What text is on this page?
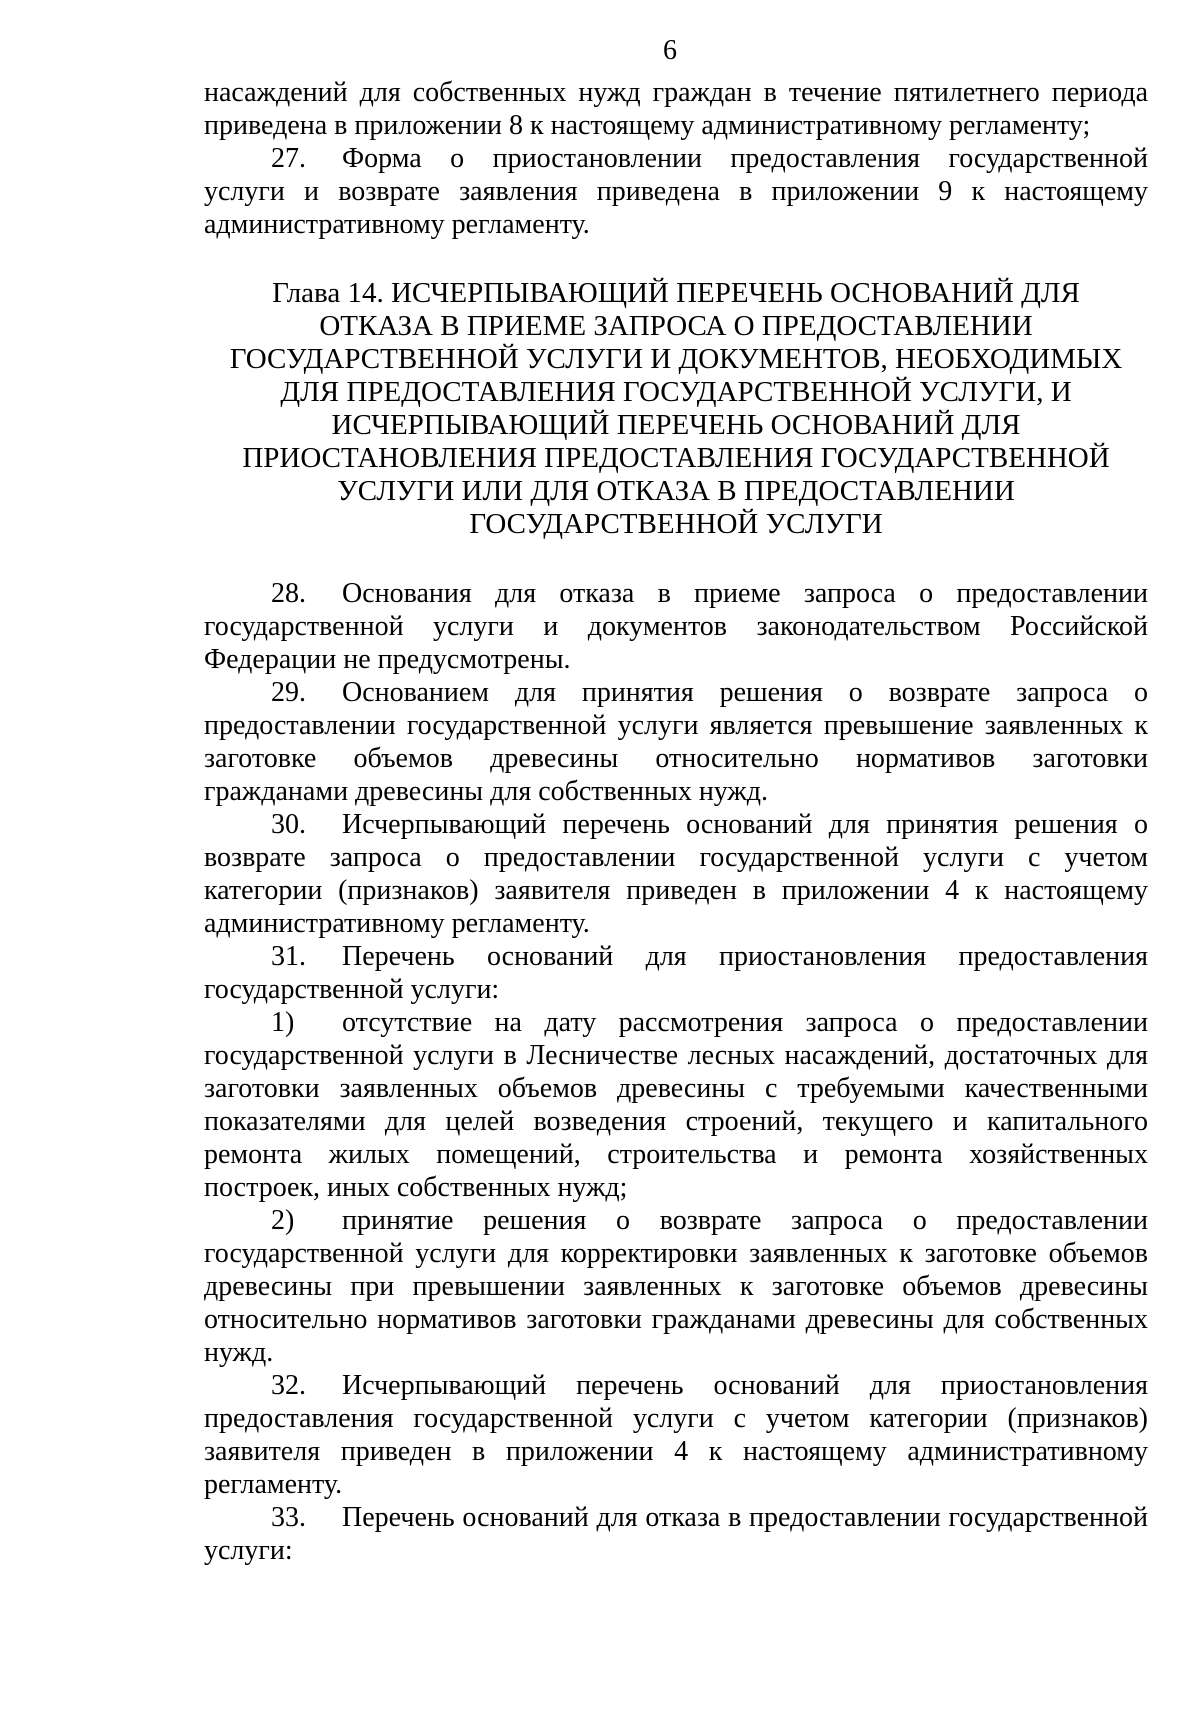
6

насаждений для собственных нужд граждан в течение пятилетнего периода приведена в приложении 8 к настоящему административному регламенту;

27. Форма о приостановлении предоставления государственной услуги и возврате заявления приведена в приложении 9 к настоящему административному регламенту.

Глава 14. ИСЧЕРПЫВАЮЩИЙ ПЕРЕЧЕНЬ ОСНОВАНИЙ ДЛЯ ОТКАЗА В ПРИЕМЕ ЗАПРОСА О ПРЕДОСТАВЛЕНИИ ГОСУДАРСТВЕННОЙ УСЛУГИ И ДОКУМЕНТОВ, НЕОБХОДИМЫХ ДЛЯ ПРЕДОСТАВЛЕНИЯ ГОСУДАРСТВЕННОЙ УСЛУГИ, И ИСЧЕРПЫВАЮЩИЙ ПЕРЕЧЕНЬ ОСНОВАНИЙ ДЛЯ ПРИОСТАНОВЛЕНИЯ ПРЕДОСТАВЛЕНИЯ ГОСУДАРСТВЕННОЙ УСЛУГИ ИЛИ ДЛЯ ОТКАЗА В ПРЕДОСТАВЛЕНИИ ГОСУДАРСТВЕННОЙ УСЛУГИ

28. Основания для отказа в приеме запроса о предоставлении государственной услуги и документов законодательством Российской Федерации не предусмотрены.

29. Основанием для принятия решения о возврате запроса о предоставлении государственной услуги является превышение заявленных к заготовке объемов древесины относительно нормативов заготовки гражданами древесины для собственных нужд.

30. Исчерпывающий перечень оснований для принятия решения о возврате запроса о предоставлении государственной услуги с учетом категории (признаков) заявителя приведен в приложении 4 к настоящему административному регламенту.

31. Перечень оснований для приостановления предоставления государственной услуги:

1) отсутствие на дату рассмотрения запроса о предоставлении государственной услуги в Лесничестве лесных насаждений, достаточных для заготовки заявленных объемов древесины с требуемыми качественными показателями для целей возведения строений, текущего и капитального ремонта жилых помещений, строительства и ремонта хозяйственных построек, иных собственных нужд;

2) принятие решения о возврате запроса о предоставлении государственной услуги для корректировки заявленных к заготовке объемов древесины при превышении заявленных к заготовке объемов древесины относительно нормативов заготовки гражданами древесины для собственных нужд.

32. Исчерпывающий перечень оснований для приостановления предоставления государственной услуги с учетом категории (признаков) заявителя приведен в приложении 4 к настоящему административному регламенту.

33. Перечень оснований для отказа в предоставлении государственной услуги:
